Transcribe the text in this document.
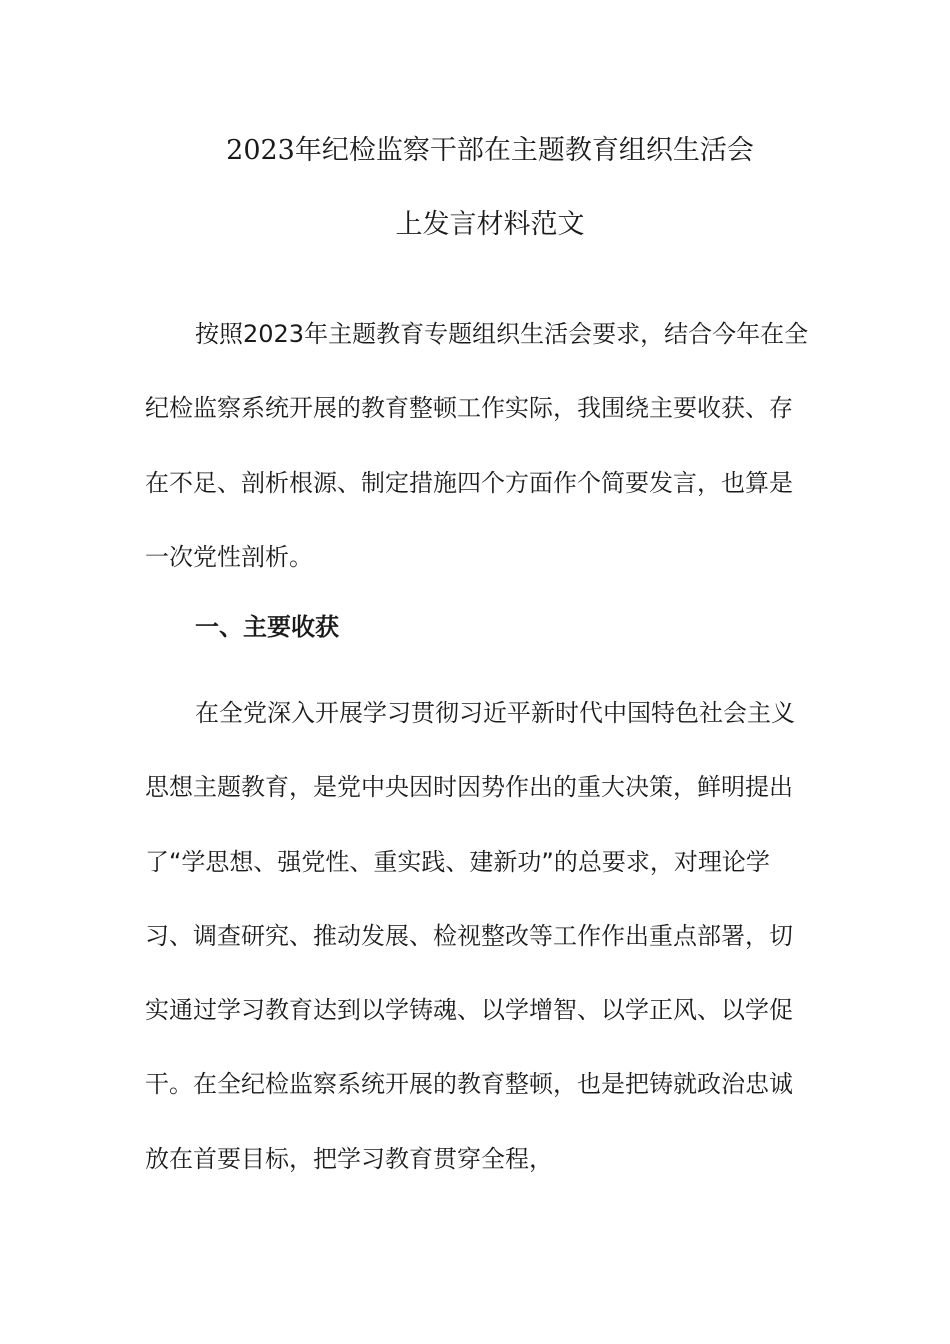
2023年纪检监察干部在主题教育组织生活会
上发言材料范文

按照2023年主题教育专题组织生活会要求，结合今年在全纪检监察系统开展的教育整顿工作实际，我围绕主要收获、存在不足、剖析根源、制定措施四个方面作个简要发言，也算是一次党性剖析。

一、主要收获

在全党深入开展学习贯彻习近平新时代中国特色社会主义思想主题教育，是党中央因时因势作出的重大决策，鲜明提出了“学思想、强党性、重实践、建新功”的总要求，对理论学习、调查研究、推动发展、检视整改等工作作出重点部署，切实通过学习教育达到以学铸魂、以学增智、以学正风、以学促干。在全纪检监察系统开展的教育整顿，也是把铸就政治忠诚放在首要目标，把学习教育贯穿全程，
